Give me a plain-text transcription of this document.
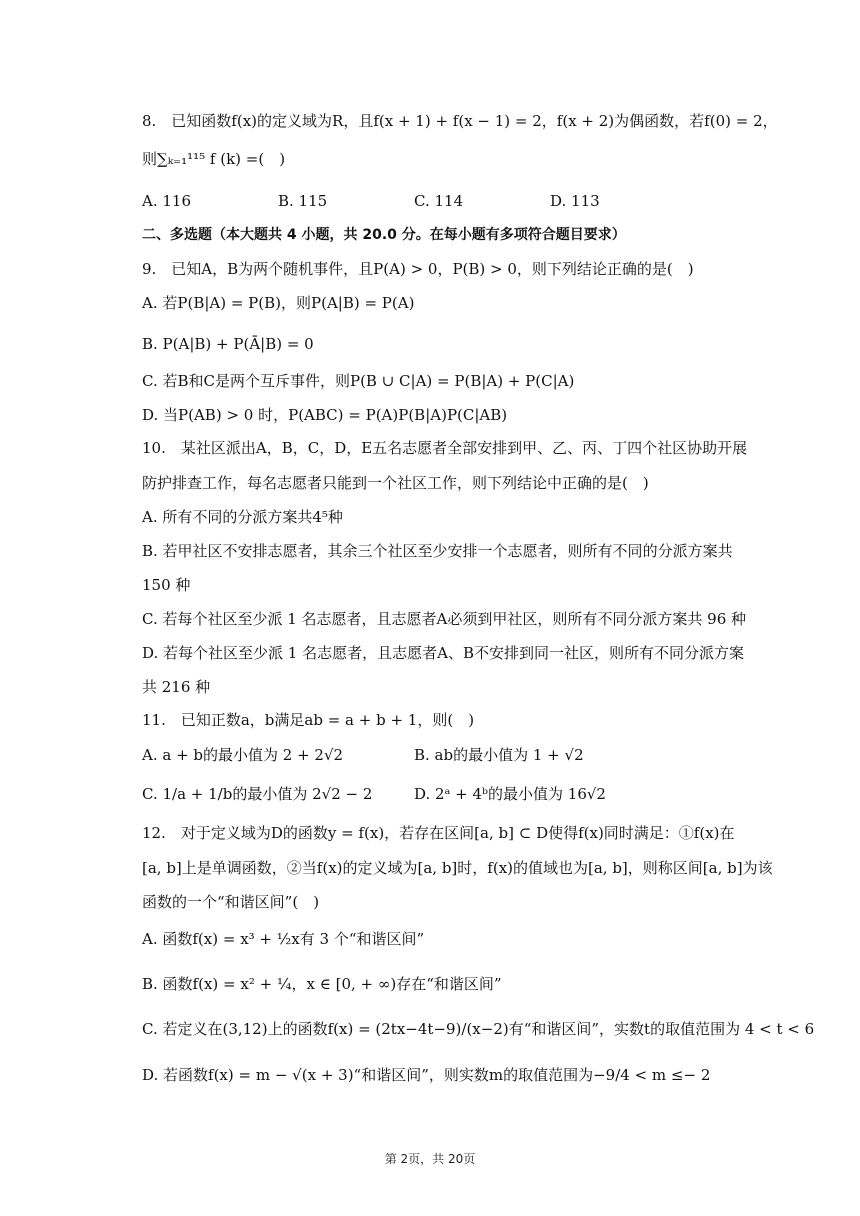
8.　已知函数f(x)的定义域为R，且f(x + 1) + f(x − 1) = 2，f(x + 2)为偶函数，若f(0) = 2，
则∑ₖ₌₁¹¹⁵ f (k) =(　)
A. 116	B. 115	C. 114	D. 113
二、多选题（本大题共 4 小题，共 20.0 分。在每小题有多项符合题目要求）
9.　已知A，B为两个随机事件，且P(A) > 0，P(B) > 0，则下列结论正确的是(　)
A. 若P(B|A) = P(B)，则P(A|B) = P(A)
B. P(A|B) + P(Ā|B) = 0
C. 若B和C是两个互斥事件，则P(B ∪ C|A) = P(B|A) + P(C|A)
D. 当P(AB) > 0 时，P(ABC) = P(A)P(B|A)P(C|AB)
10.　某社区派出A，B，C，D，E五名志愿者全部安排到甲、乙、丙、丁四个社区协助开展
防护排查工作，每名志愿者只能到一个社区工作，则下列结论中正确的是(　)
A. 所有不同的分派方案共4⁵种
B. 若甲社区不安排志愿者，其余三个社区至少安排一个志愿者，则所有不同的分派方案共
150 种
C. 若每个社区至少派 1 名志愿者，且志愿者A必须到甲社区，则所有不同分派方案共 96 种
D. 若每个社区至少派 1 名志愿者，且志愿者A、B不安排到同一社区，则所有不同分派方案
共 216 种
11.　已知正数a，b满足ab = a + b + 1，则(　)
A. a + b的最小值为 2 + 2√2	B. ab的最小值为 1 + √2
C. 1/a + 1/b的最小值为 2√2 − 2	D. 2ᵃ + 4ᵇ的最小值为 16√2
12.　对于定义域为D的函数y = f(x)，若存在区间[a, b] ⊂ D使得f(x)同时满足：①f(x)在
[a, b]上是单调函数，②当f(x)的定义域为[a, b]时，f(x)的值域也为[a, b]，则称区间[a, b]为该
函数的一个“和谐区间”(　)
A. 函数f(x) = x³ + ½x有 3 个“和谐区间”
B. 函数f(x) = x² + ¼，x ∈ [0, + ∞)存在“和谐区间”
C. 若定义在(3,12)上的函数f(x) = (2tx−4t−9)/(x−2)有“和谐区间”，实数t的取值范围为 4 < t < 6
D. 若函数f(x) = m − √(x + 3)“和谐区间”，则实数m的取值范围为−9/4 < m ≤− 2
第 2页，共 20页
